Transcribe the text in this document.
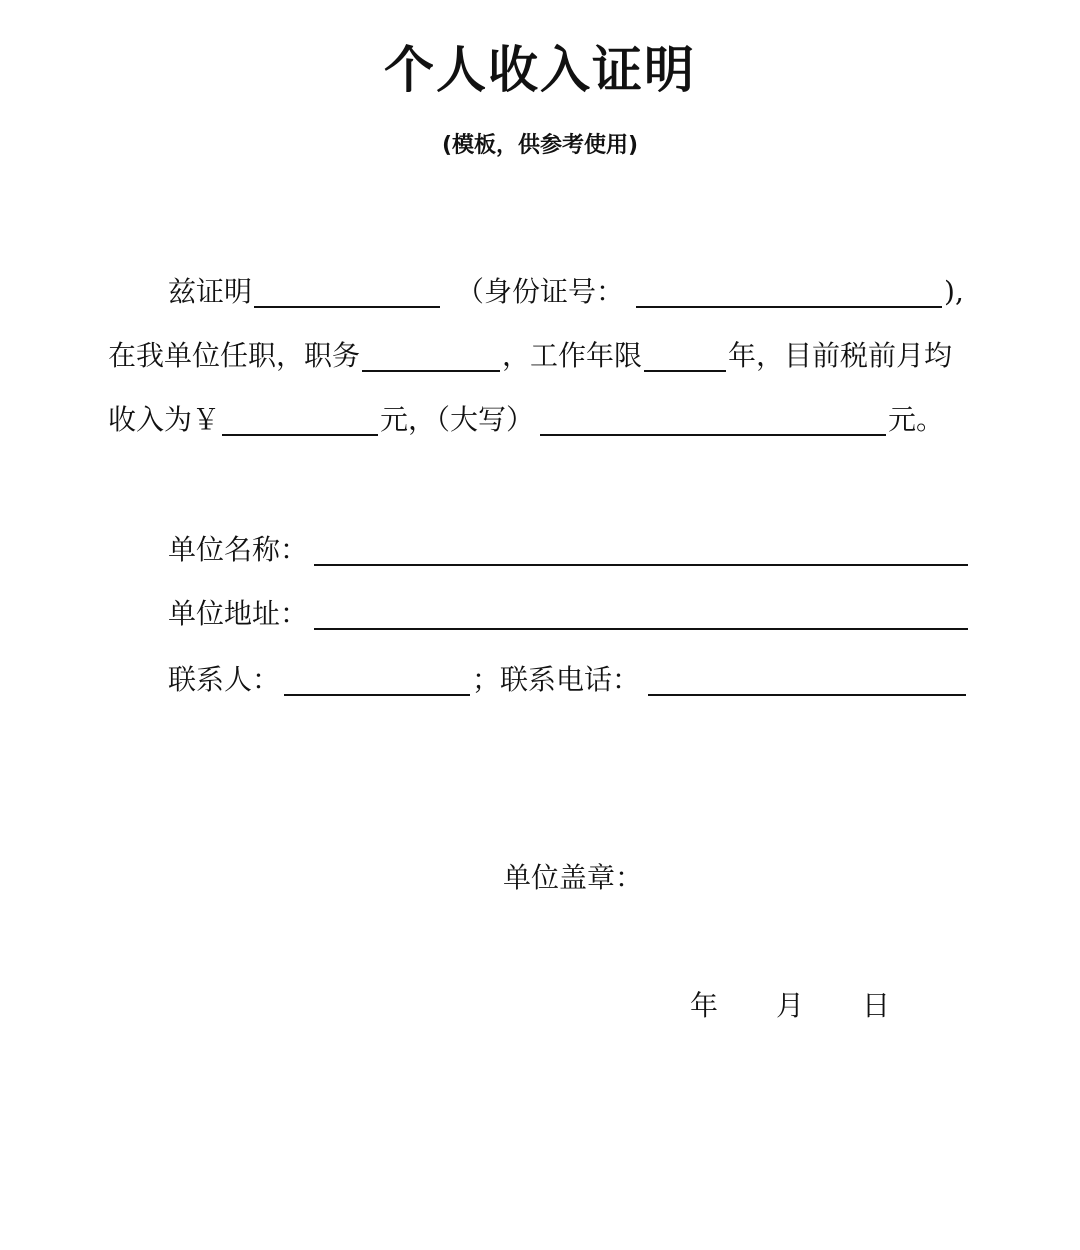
个人收入证明
(模板，供参考使用)
兹证明	（身份证号：	),
在我单位任职，职务	，工作年限	年，目前税前月均
收入为￥	元，（大写）	元。
单位名称：
单位地址：
联系人：	； 联系电话：
单位盖章：
年 月 日
